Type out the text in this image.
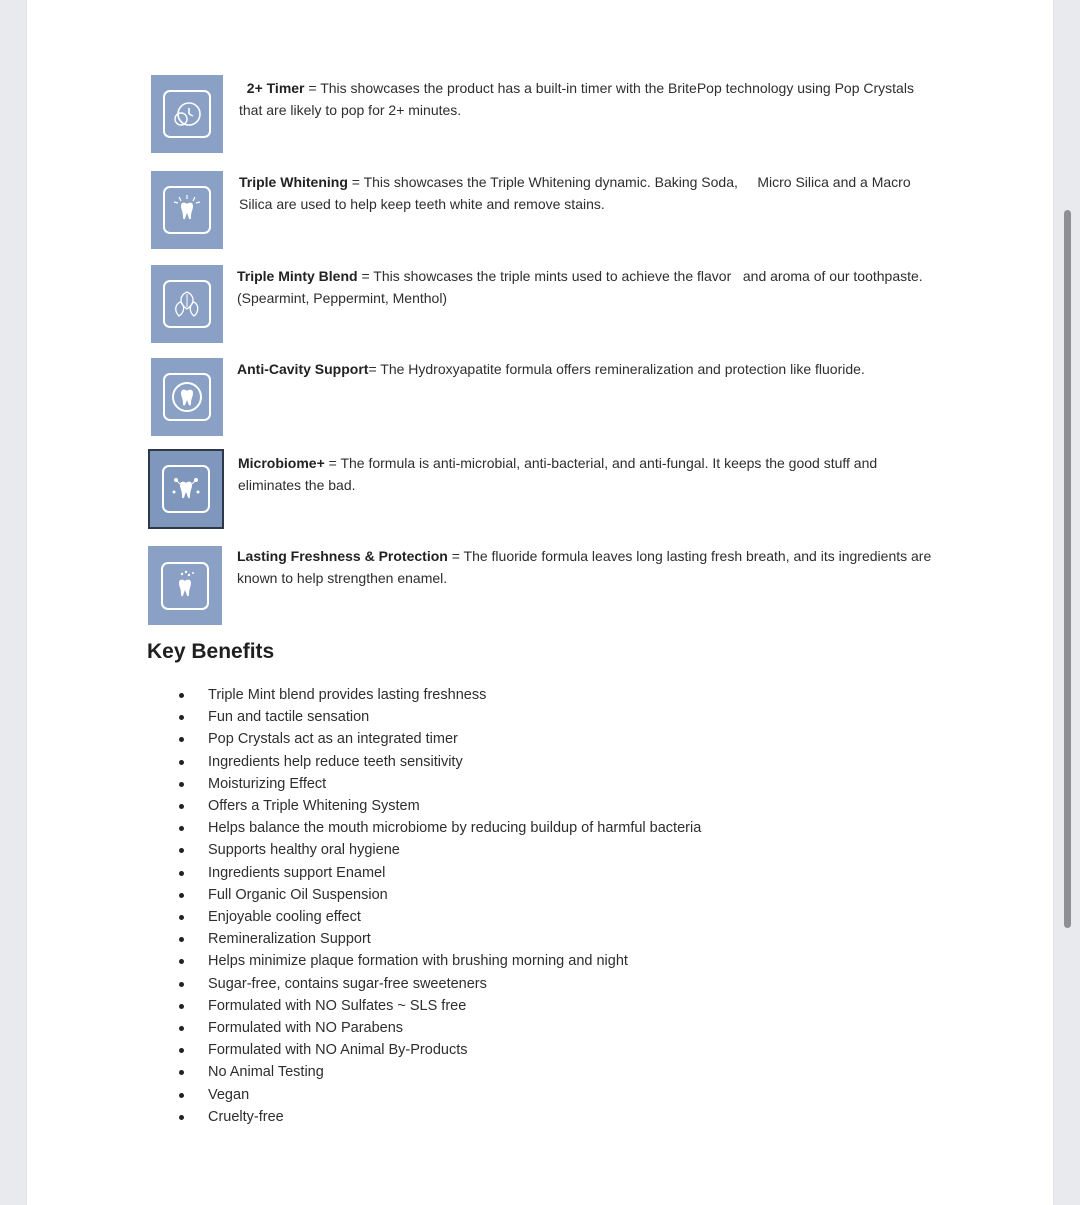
2+ Timer = This showcases the product has a built-in timer with the BritePop technology using Pop Crystals that are likely to pop for 2+ minutes.
Triple Whitening = This showcases the Triple Whitening dynamic. Baking Soda,     Micro Silica and a Macro Silica are used to help keep teeth white and remove stains.
Triple Minty Blend = This showcases the triple mints used to achieve the flavor   and aroma of our toothpaste. (Spearmint, Peppermint, Menthol)
Anti-Cavity Support= The Hydroxyapatite formula offers remineralization and protection like fluoride.
Microbiome+ = The formula is anti-microbial, anti-bacterial, and anti-fungal. It keeps the good stuff and eliminates the bad.
Lasting Freshness & Protection = The fluoride formula leaves long lasting fresh breath, and its ingredients are known to help strengthen enamel.
Key Benefits
Triple Mint blend provides lasting freshness
Fun and tactile sensation
Pop Crystals act as an integrated timer
Ingredients help reduce teeth sensitivity
Moisturizing Effect
Offers a Triple Whitening System
Helps balance the mouth microbiome by reducing buildup of harmful bacteria
Supports healthy oral hygiene
Ingredients support Enamel
Full Organic Oil Suspension
Enjoyable cooling effect
Remineralization Support
Helps minimize plaque formation with brushing morning and night
Sugar-free, contains sugar-free sweeteners
Formulated with NO Sulfates ~ SLS free
Formulated with NO Parabens
Formulated with NO Animal By-Products
No Animal Testing
Vegan
Cruelty-free
